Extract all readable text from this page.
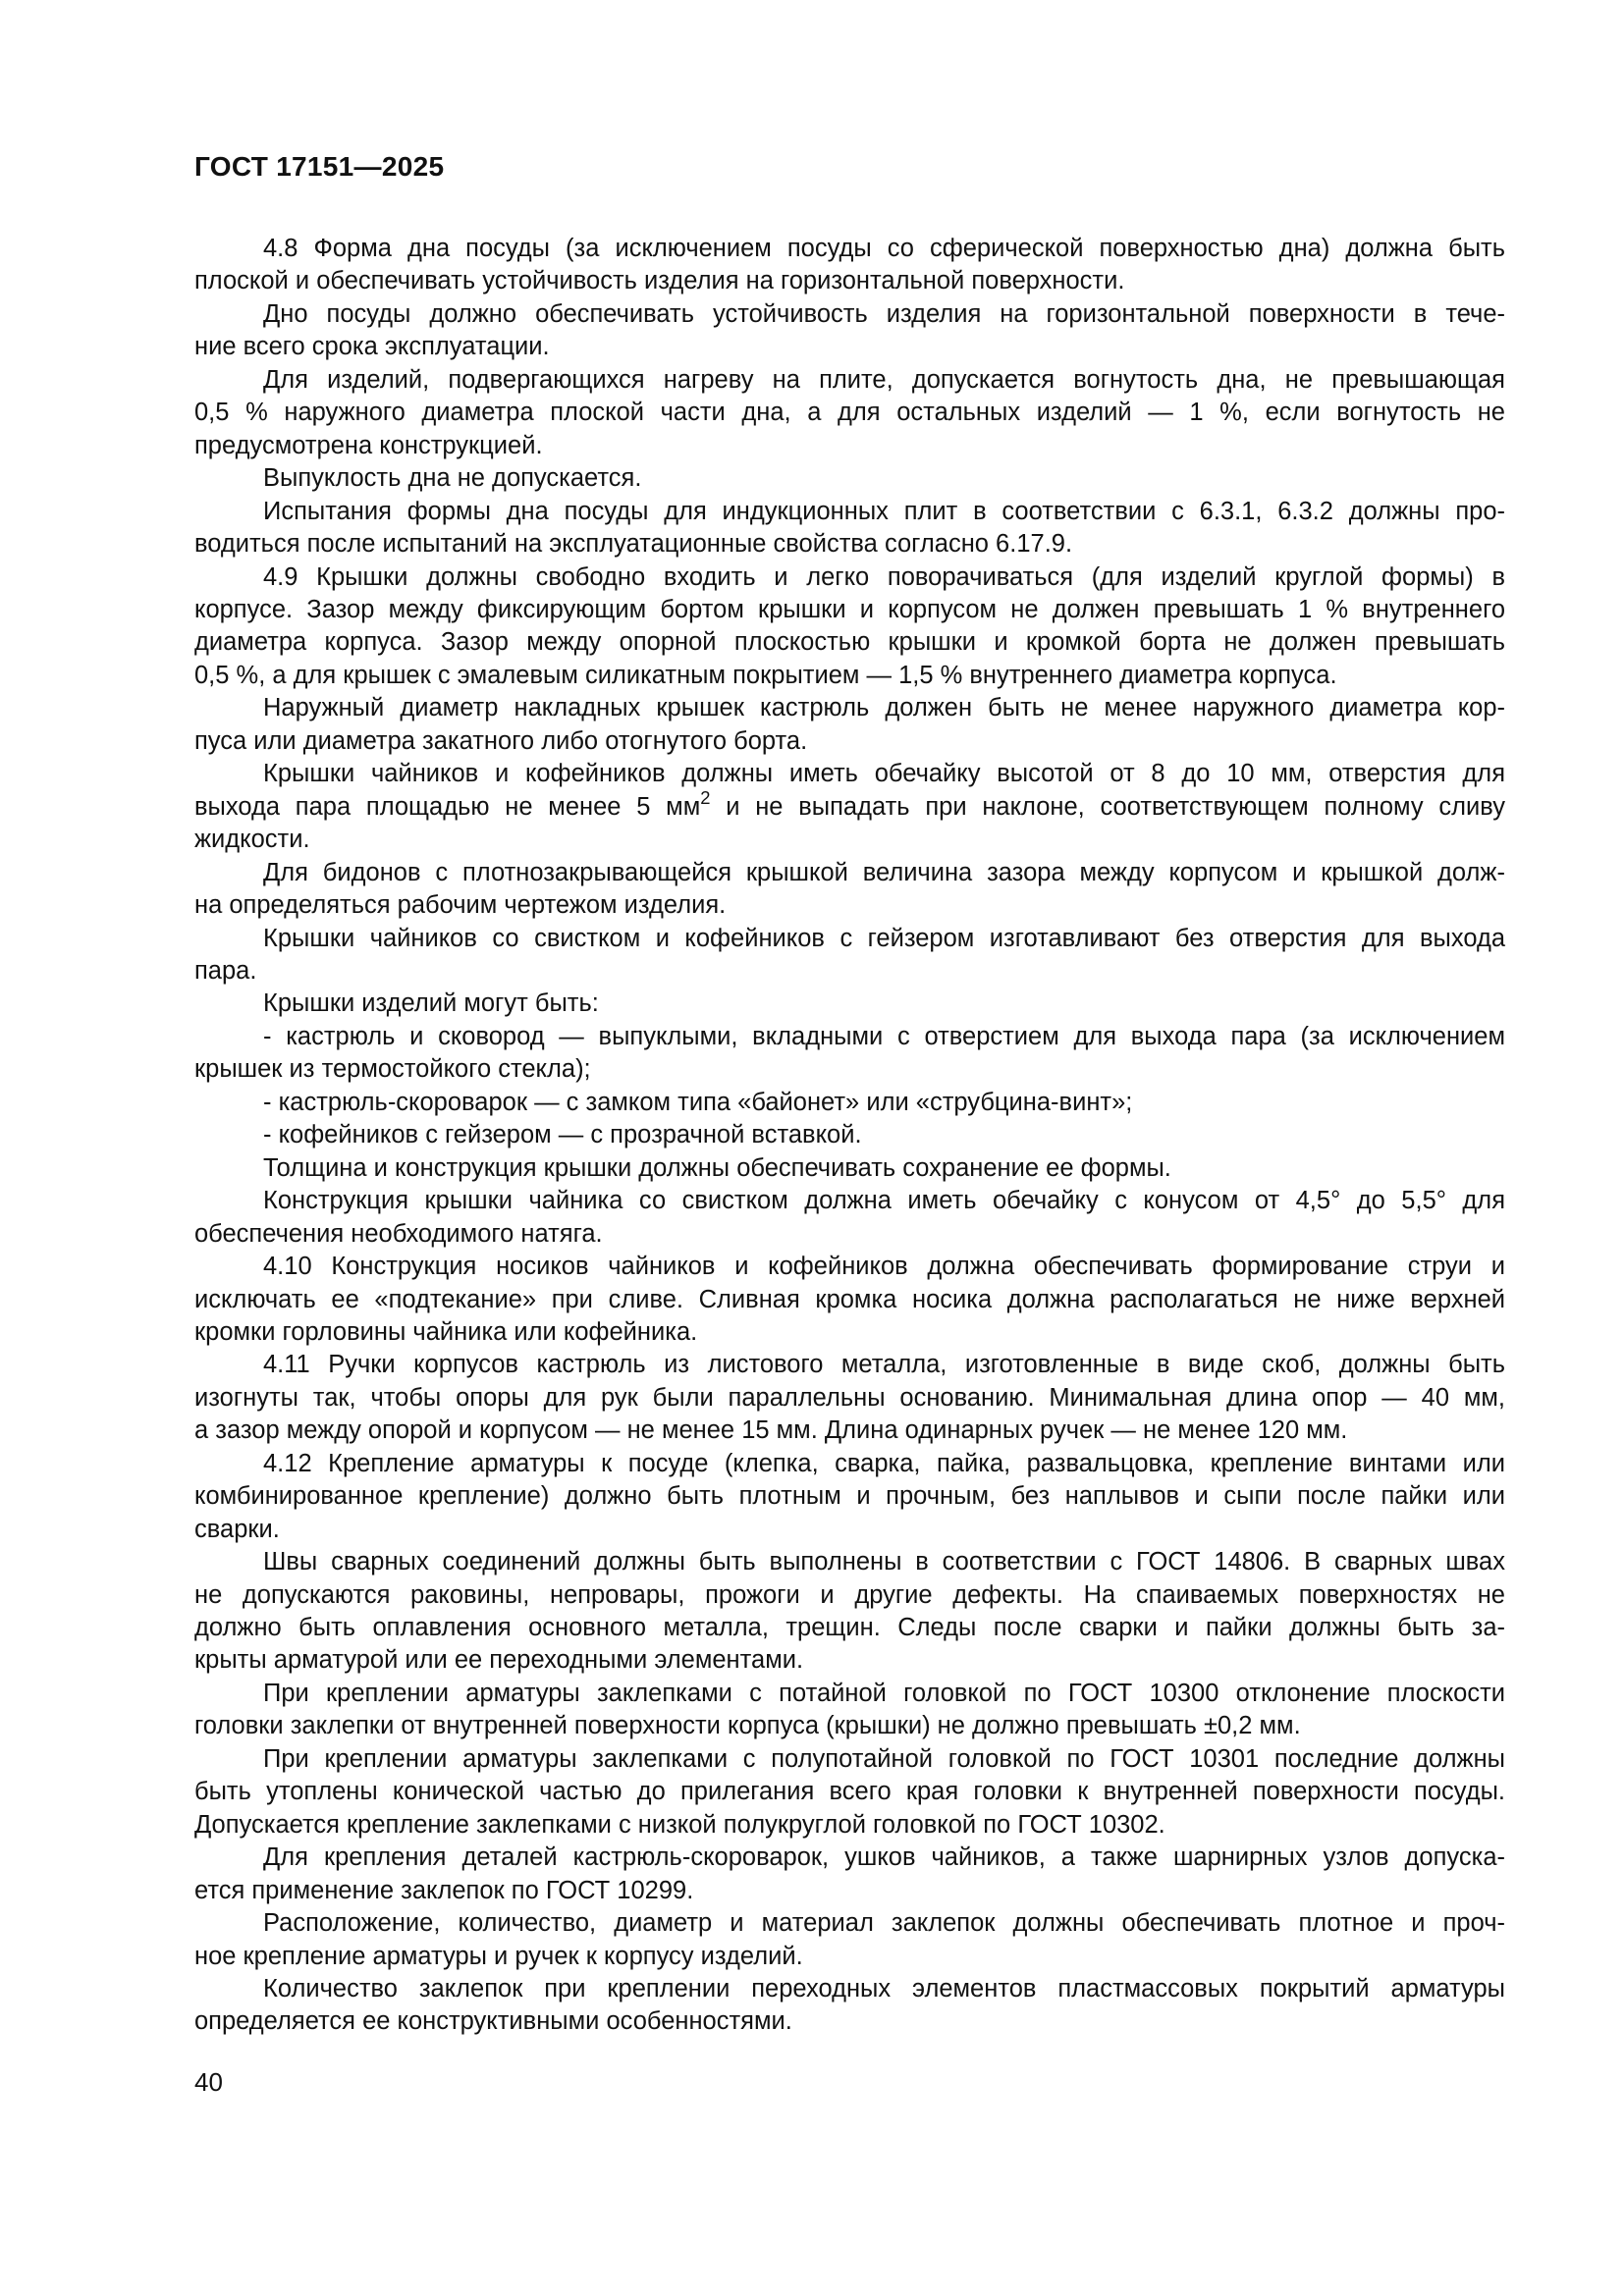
ГОСТ 17151—2025
4.8 Форма дна посуды (за исключением посуды со сферической поверхностью дна) должна быть
плоской и обеспечивать устойчивость изделия на горизонтальной поверхности.
Дно посуды должно обеспечивать устойчивость изделия на горизонтальной поверхности в тече-
ние всего срока эксплуатации.
Для изделий, подвергающихся нагреву на плите, допускается вогнутость дна, не превышающая
0,5 % наружного диаметра плоской части дна, а для остальных изделий — 1 %, если вогнутость не
предусмотрена конструкцией.
Выпуклость дна не допускается.
Испытания формы дна посуды для индукционных плит в соответствии с 6.3.1, 6.3.2 должны про-
водиться после испытаний на эксплуатационные свойства согласно 6.17.9.
4.9 Крышки должны свободно входить и легко поворачиваться (для изделий круглой формы) в
корпусе. Зазор между фиксирующим бортом крышки и корпусом не должен превышать 1 % внутреннего
диаметра корпуса. Зазор между опорной плоскостью крышки и кромкой борта не должен превышать
0,5 %, а для крышек с эмалевым силикатным покрытием — 1,5 % внутреннего диаметра корпуса.
Наружный диаметр накладных крышек кастрюль должен быть не менее наружного диаметра кор-
пуса или диаметра закатного либо отогнутого борта.
Крышки чайников и кофейников должны иметь обечайку высотой от 8 до 10 мм, отверстия для
выхода пара площадью не менее 5 $мм^2$ и не выпадать при наклоне, соответствующем полному сливу
жидкости.
Для бидонов с плотнозакрывающейся крышкой величина зазора между корпусом и крышкой долж-
на определяться рабочим чертежом изделия.
Крышки чайников со свистком и кофейников с гейзером изготавливают без отверстия для выхода
пара.
Крышки изделий могут быть:
- кастрюль и сковород — выпуклыми, вкладными с отверстием для выхода пара (за исключением
крышек из термостойкого стекла);
- кастрюль-скороварок — с замком типа «байонет» или «струбцина-винт»;
- кофейников с гейзером — с прозрачной вставкой.
Толщина и конструкция крышки должны обеспечивать сохранение ее формы.
Конструкция крышки чайника со свистком должна иметь обечайку с конусом от 4,5° до 5,5° для
обеспечения необходимого натяга.
4.10 Конструкция носиков чайников и кофейников должна обеспечивать формирование струи и
исключать ее «подтекание» при сливе. Сливная кромка носика должна располагаться не ниже верхней
кромки горловины чайника или кофейника.
4.11 Ручки корпусов кастрюль из листового металла, изготовленные в виде скоб, должны быть
изогнуты так, чтобы опоры для рук были параллельны основанию. Минимальная длина опор — 40 мм,
а зазор между опорой и корпусом — не менее 15 мм. Длина одинарных ручек — не менее 120 мм.
4.12 Крепление арматуры к посуде (клепка, сварка, пайка, развальцовка, крепление винтами или
комбинированное крепление) должно быть плотным и прочным, без наплывов и сыпи после пайки или
сварки.
Швы сварных соединений должны быть выполнены в соответствии с ГОСТ 14806. В сварных швах
не допускаются раковины, непровары, прожоги и другие дефекты. На спаиваемых поверхностях не
должно быть оплавления основного металла, трещин. Следы после сварки и пайки должны быть за-
крыты арматурой или ее переходными элементами.
При креплении арматуры заклепками с потайной головкой по ГОСТ 10300 отклонение плоскости
головки заклепки от внутренней поверхности корпуса (крышки) не должно превышать ±0,2 мм.
При креплении арматуры заклепками с полупотайной головкой по ГОСТ 10301 последние должны
быть утоплены конической частью до прилегания всего края головки к внутренней поверхности посуды.
Допускается крепление заклепками с низкой полукруглой головкой по ГОСТ 10302.
Для крепления деталей кастрюль-скороварок, ушков чайников, а также шарнирных узлов допуска-
ется применение заклепок по ГОСТ 10299.
Расположение, количество, диаметр и материал заклепок должны обеспечивать плотное и проч-
ное крепление арматуры и ручек к корпусу изделий.
Количество заклепок при креплении переходных элементов пластмассовых покрытий арматуры
определяется ее конструктивными особенностями.
40
